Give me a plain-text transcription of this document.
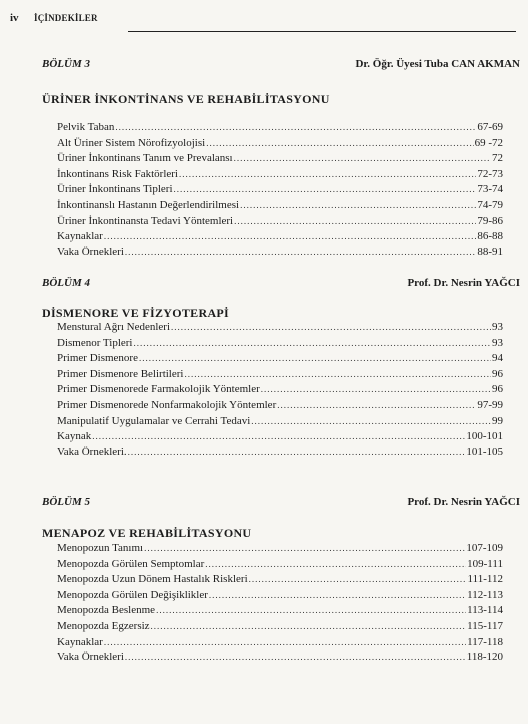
iv İÇİNDEKİLER
BÖLÜM 3	Dr. Öğr. Üyesi Tuba CAN AKMAN
ÜRİNER İNKONTİNANS VE REHABİLİTASYONU
Pelvik Taban .....	67-69
Alt Üriner Sistem Nörofizyolojisi .....	69 -72
Üriner İnkontinans Tanım ve Prevalansı .....	72
İnkontinans Risk Faktörleri .....	72-73
Üriner İnkontinans Tipleri .....	73-74
İnkontinanslı Hastanın Değerlendirilmesi .....	74-79
Üriner İnkontinansta Tedavi Yöntemleri .....	79-86
Kaynaklar .....	86-88
Vaka Örnekleri .....	88-91
BÖLÜM 4	Prof. Dr. Nesrin YAĞCI
DİSMENORE VE FİZYOTERAPİ
Menstural Ağrı Nedenleri .....	93
Dismenor Tipleri .....	93
Primer Dismenore .....	94
Primer Dismenore Belirtileri .....	96
Primer Dismenorede Farmakolojik Yöntemler .....	96
Primer Dismenorede Nonfarmakolojik Yöntemler .....	97-99
Manipulatif Uygulamalar ve Cerrahi Tedavi .....	99
Kaynak .....	100-101
Vaka Örnekleri. .....	101-105
BÖLÜM 5	Prof. Dr. Nesrin YAĞCI
MENAPOZ VE REHABİLİTASYONU
Menopozun Tanımı .....	107-109
Menopozda Görülen Semptomlar .....	109-111
Menopozda Uzun Dönem Hastalık Riskleri .....	111-112
Menopozda Görülen Değişiklikler .....	112-113
Menopozda Beslenme .....	113-114
Menopozda Egzersiz .....	115-117
Kaynaklar .....	117-118
Vaka Örnekleri .....	118-120
